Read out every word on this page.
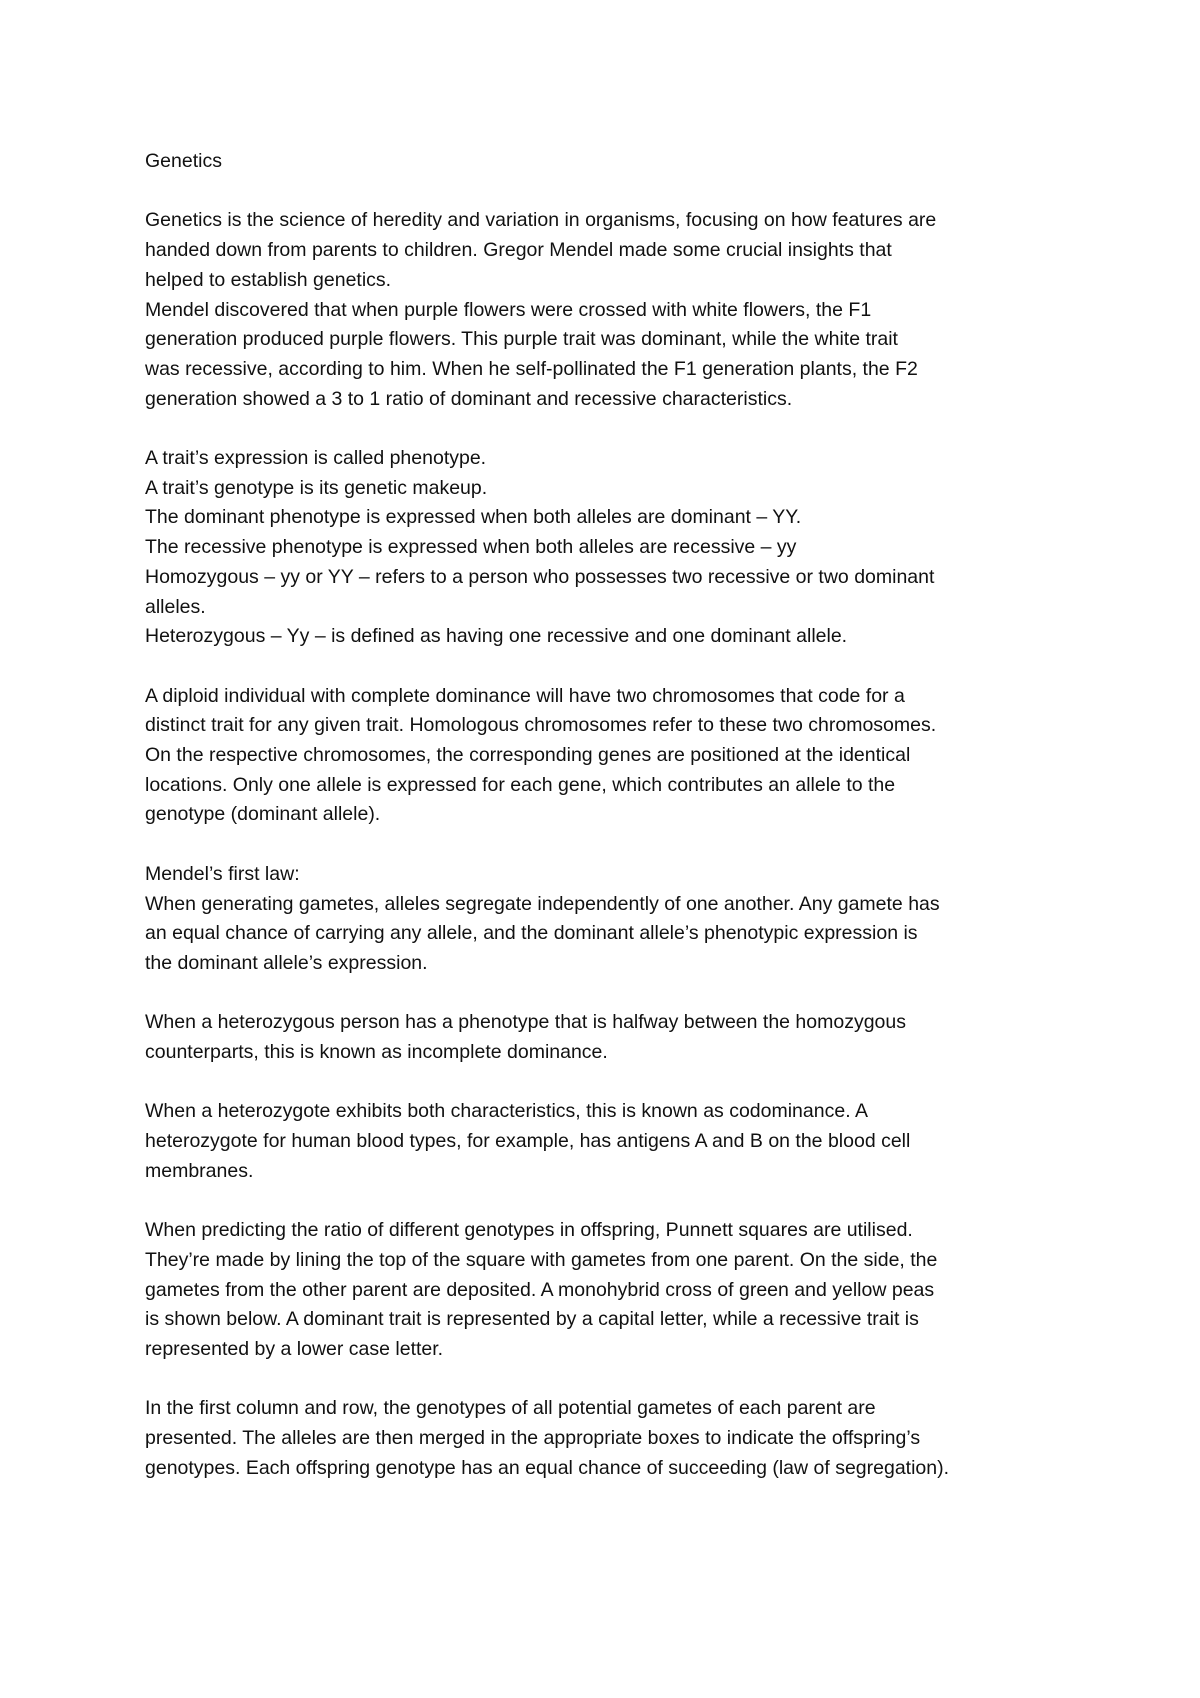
Genetics
Genetics is the science of heredity and variation in organisms, focusing on how features are
handed down from parents to children. Gregor Mendel made some crucial insights that
helped to establish genetics.
Mendel discovered that when purple flowers were crossed with white flowers, the F1
generation produced purple flowers. This purple trait was dominant, while the white trait
was recessive, according to him. When he self-pollinated the F1 generation plants, the F2
generation showed a 3 to 1 ratio of dominant and recessive characteristics.
A trait’s expression is called phenotype.
A trait’s genotype is its genetic makeup.
The dominant phenotype is expressed when both alleles are dominant – YY.
The recessive phenotype is expressed when both alleles are recessive – yy
Homozygous – yy or YY – refers to a person who possesses two recessive or two dominant
alleles.
Heterozygous – Yy – is defined as having one recessive and one dominant allele.
A diploid individual with complete dominance will have two chromosomes that code for a
distinct trait for any given trait. Homologous chromosomes refer to these two chromosomes.
On the respective chromosomes, the corresponding genes are positioned at the identical
locations. Only one allele is expressed for each gene, which contributes an allele to the
genotype (dominant allele).
Mendel’s first law:
When generating gametes, alleles segregate independently of one another. Any gamete has
an equal chance of carrying any allele, and the dominant allele’s phenotypic expression is
the dominant allele’s expression.
When a heterozygous person has a phenotype that is halfway between the homozygous
counterparts, this is known as incomplete dominance.
When a heterozygote exhibits both characteristics, this is known as codominance. A
heterozygote for human blood types, for example, has antigens A and B on the blood cell
membranes.
When predicting the ratio of different genotypes in offspring, Punnett squares are utilised.
They’re made by lining the top of the square with gametes from one parent. On the side, the
gametes from the other parent are deposited. A monohybrid cross of green and yellow peas
is shown below. A dominant trait is represented by a capital letter, while a recessive trait is
represented by a lower case letter.
In the first column and row, the genotypes of all potential gametes of each parent are
presented. The alleles are then merged in the appropriate boxes to indicate the offspring’s
genotypes. Each offspring genotype has an equal chance of succeeding (law of segregation).
